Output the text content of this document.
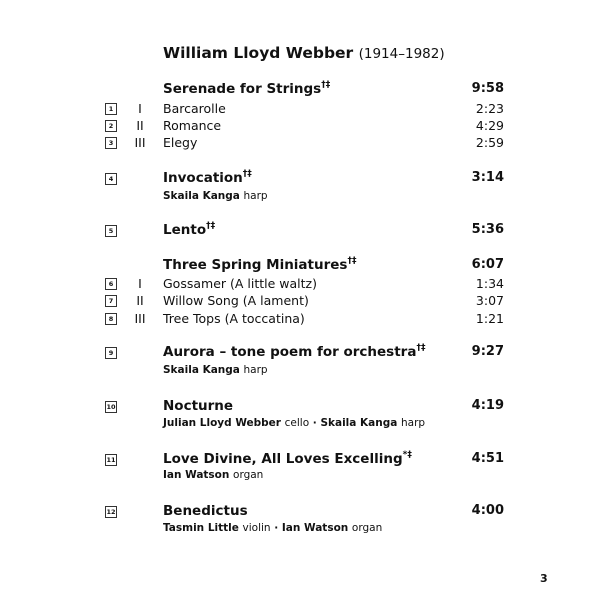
William Lloyd Webber (1914–1982)
Serenade for Strings†‡	9:58
1	I	Barcarolle	2:23
2	II	Romance	4:29
3	III	Elegy	2:59
4	Invocation†‡	3:14
Skaila Kanga harp
5	Lento†‡	5:36
Three Spring Miniatures†‡	6:07
6	I	Gossamer (A little waltz)	1:34
7	II	Willow Song (A lament)	3:07
8	III	Tree Tops (A toccatina)	1:21
9	Aurora – tone poem for orchestra†‡	9:27
Skaila Kanga harp
10	Nocturne	4:19
Julian Lloyd Webber cello · Skaila Kanga harp
11	Love Divine, All Loves Excelling*‡	4:51
Ian Watson organ
12	Benedictus	4:00
Tasmin Little violin · Ian Watson organ
3
